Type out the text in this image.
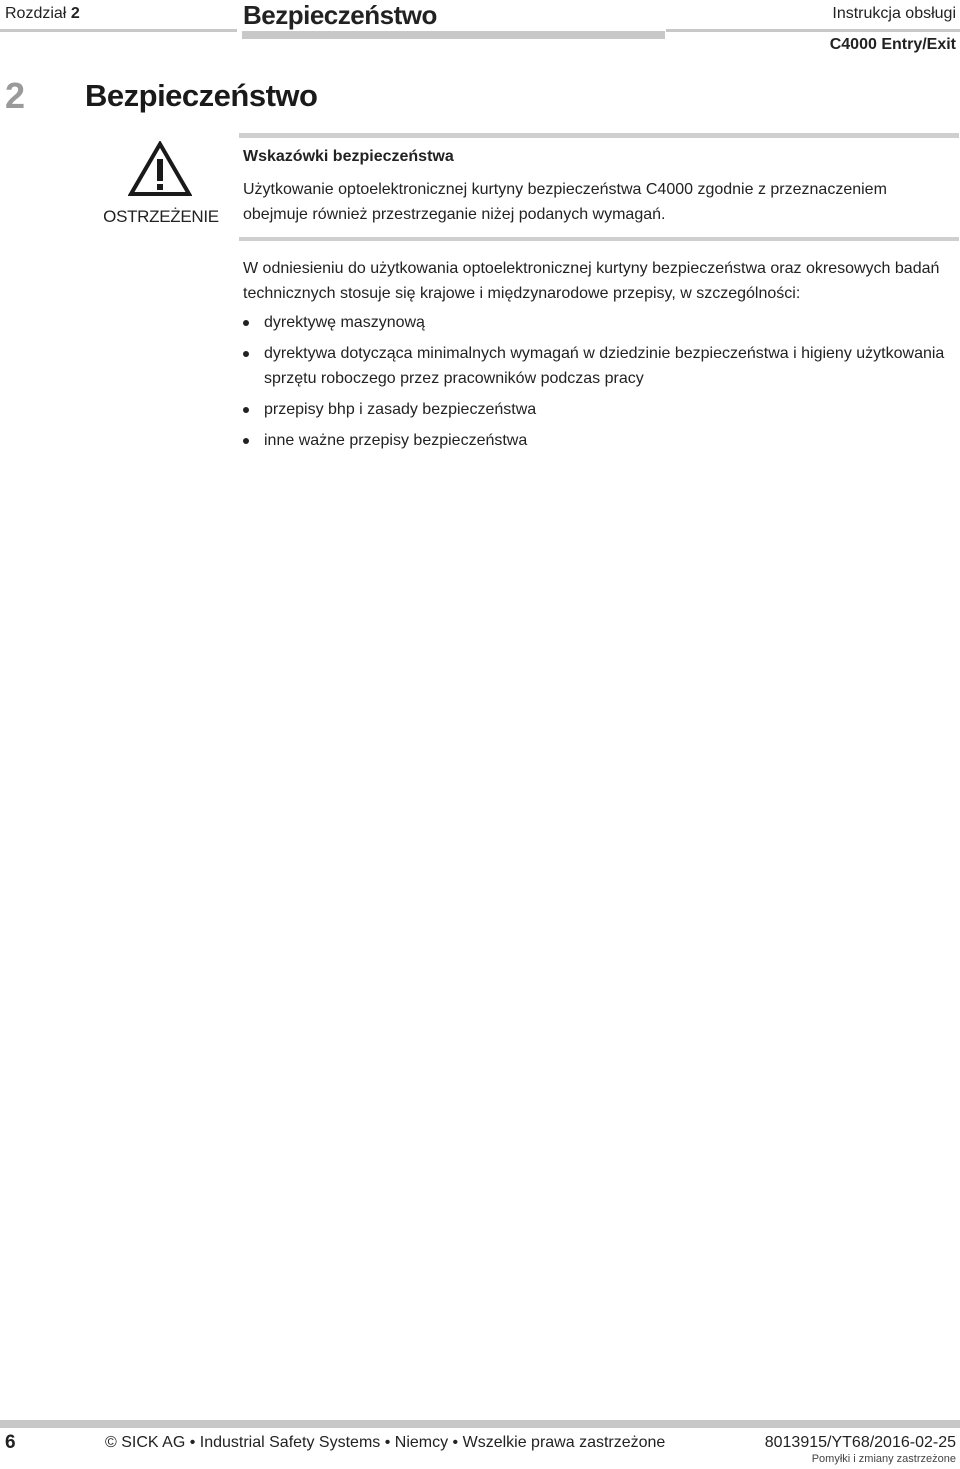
Rozdział 2	Bezpieczeństwo	Instrukcja obsługi
C4000 Entry/Exit
2 Bezpieczeństwo
OSTRZEŻENIE
Wskazówki bezpieczeństwa
Użytkowanie optoelektronicznej kurtyny bezpieczeństwa C4000 zgodnie z przeznaczeniem obejmuje również przestrzeganie niżej podanych wymagań.
W odniesieniu do użytkowania optoelektronicznej kurtyny bezpieczeństwa oraz okresowych badań technicznych stosuje się krajowe i międzynarodowe przepisy, w szczególności:
dyrektywę maszynową
dyrektywa dotycząca minimalnych wymagań w dziedzinie bezpieczeństwa i higieny użytkowania sprzętu roboczego przez pracowników podczas pracy
przepisy bhp i zasady bezpieczeństwa
inne ważne przepisy bezpieczeństwa
6	© SICK AG • Industrial Safety Systems • Niemcy • Wszelkie prawa zastrzeżone	8013915/YT68/2016-02-25
Pomyłki i zmiany zastrzeżone
